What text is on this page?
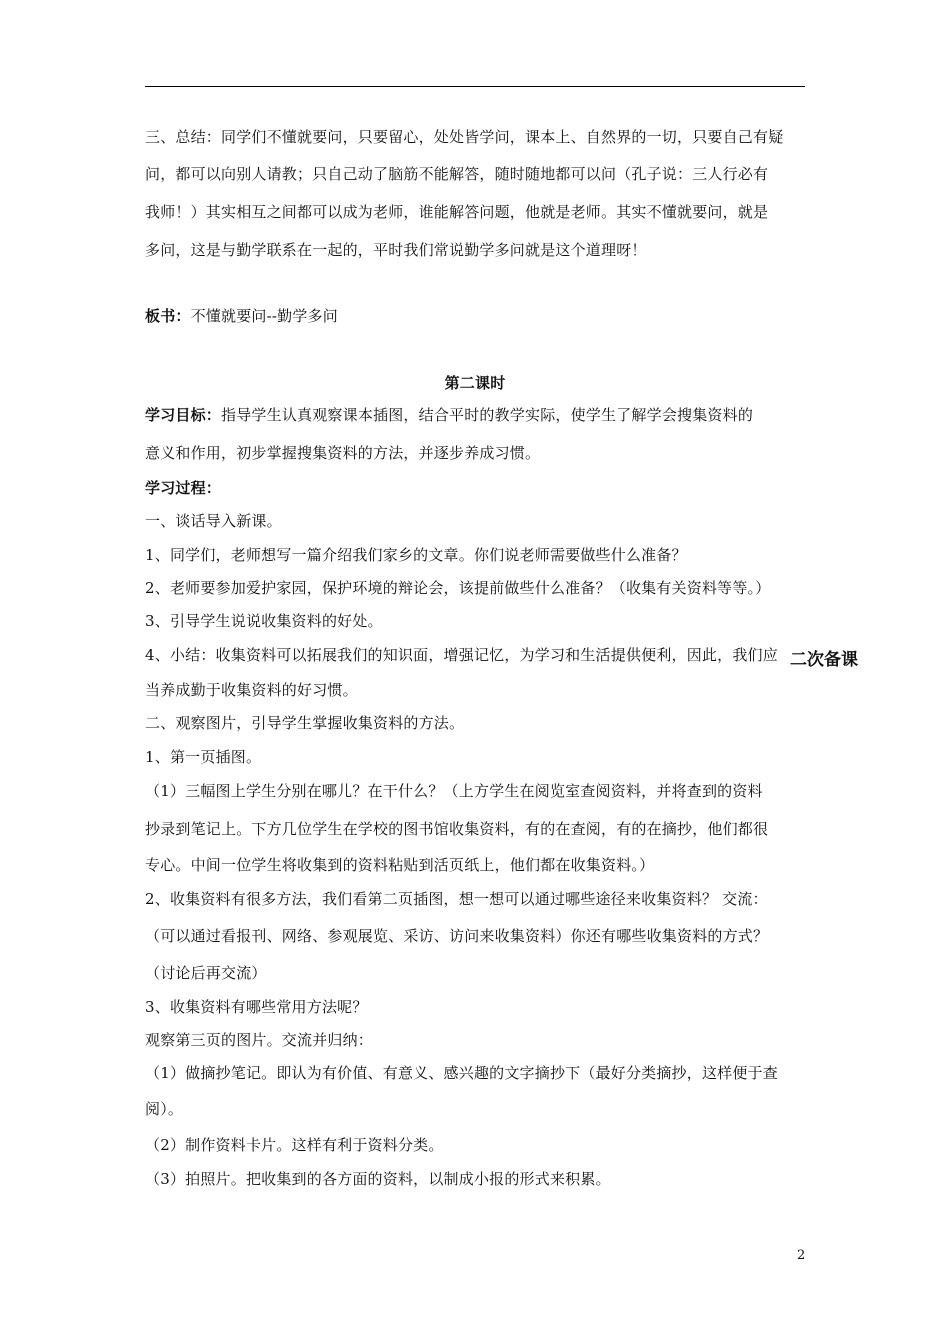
三、总结：同学们不懂就要问，只要留心，处处皆学问，课本上、自然界的一切，只要自己有疑
问，都可以向别人请教；只自己动了脑筋不能解答，随时随地都可以问（孔子说：三人行必有
我师！）其实相互之间都可以成为老师，谁能解答问题，他就是老师。其实不懂就要问，就是
多问，这是与勤学联系在一起的，平时我们常说勤学多问就是这个道理呀！
板书：不懂就要问--勤学多问
第二课时
学习目标：指导学生认真观察课本插图，结合平时的教学实际，使学生了解学会搜集资料的
意义和作用，初步掌握搜集资料的方法，并逐步养成习惯。
学习过程：
一、谈话导入新课。
1、同学们，老师想写一篇介绍我们家乡的文章。你们说老师需要做些什么准备？
2、老师要参加爱护家园，保护环境的辩论会，该提前做些什么准备？（收集有关资料等等。）
3、引导学生说说收集资料的好处。
4、小结：收集资料可以拓展我们的知识面，增强记忆，为学习和生活提供便利，因此，我们应
当养成勤于收集资料的好习惯。
二、观察图片，引导学生掌握收集资料的方法。
1、第一页插图。
（1）三幅图上学生分别在哪儿？在干什么？（上方学生在阅览室查阅资料，并将查到的资料
抄录到笔记上。下方几位学生在学校的图书馆收集资料，有的在查阅，有的在摘抄，他们都很
专心。中间一位学生将收集到的资料粘贴到活页纸上，他们都在收集资料。）
2、收集资料有很多方法，我们看第二页插图，想一想可以通过哪些途径来收集资料？ 交流：
（可以通过看报刊、网络、参观展览、采访、访问来收集资料）你还有哪些收集资料的方式？
（讨论后再交流）
3、收集资料有哪些常用方法呢？
观察第三页的图片。交流并归纳：
（1）做摘抄笔记。即认为有价值、有意义、感兴趣的文字摘抄下（最好分类摘抄，这样便于查
阅）。
（2）制作资料卡片。这样有利于资料分类。
（3）拍照片。把收集到的各方面的资料，以制成小报的形式来积累。
二次备课
2
